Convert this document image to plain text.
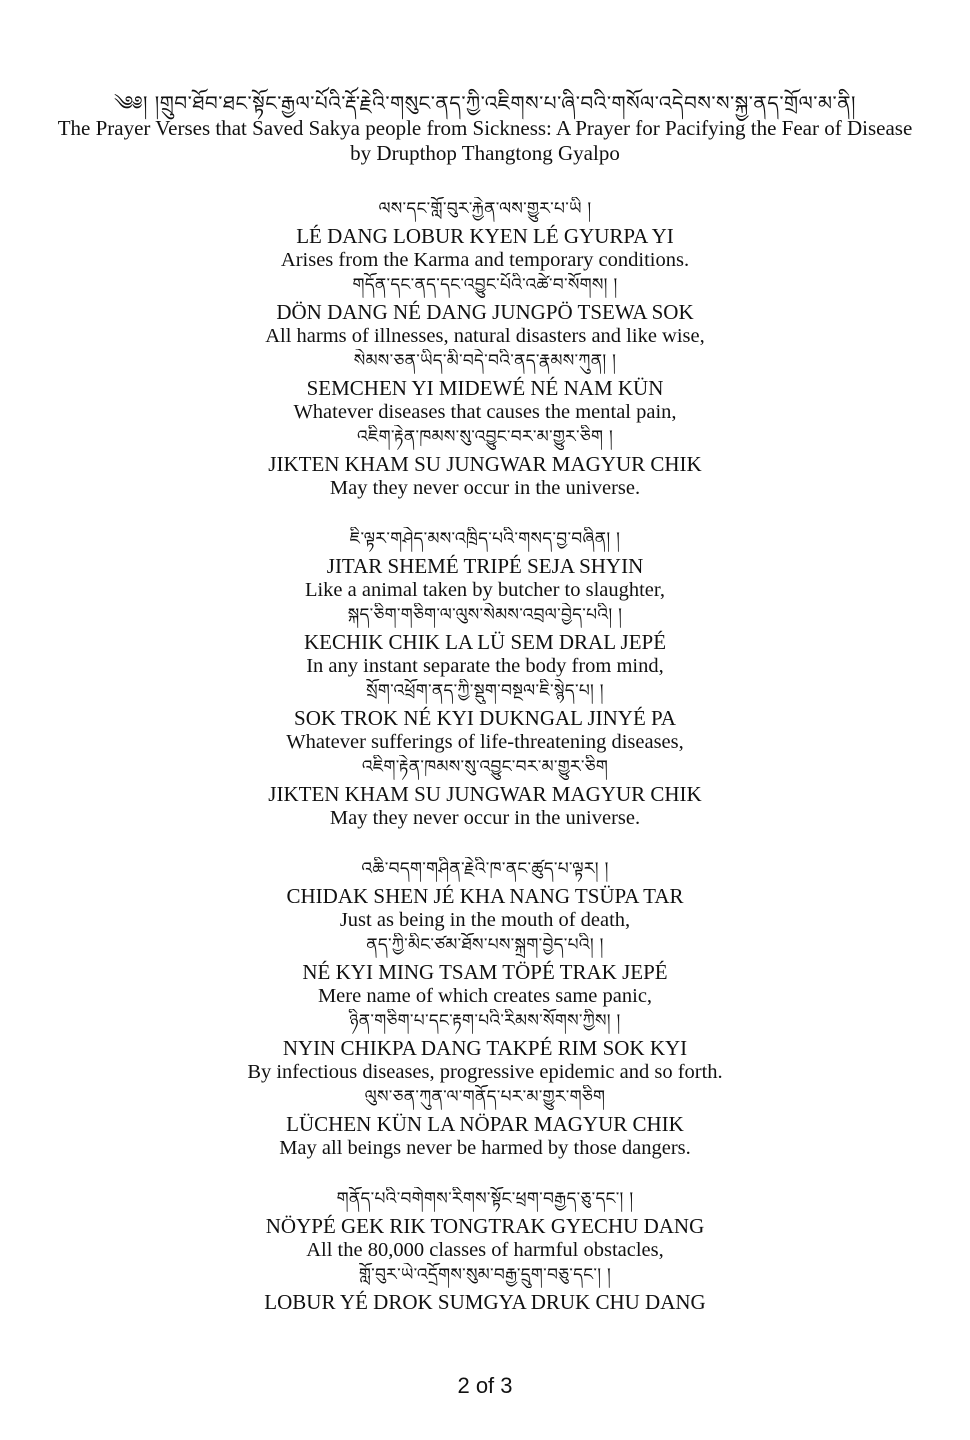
༄༅། །གྲུབ་ཐོབ་ཐང་སྟོང་རྒྱལ་པོའི་རྡོ་རྗེའི་གསུང་ནད་ཀྱི་འཇིགས་པ་ཞི་བའི་གསོལ་འདེབས་ས་སྐྱ་ནད་གྲོལ་མ་ནི།
The Prayer Verses that Saved Sakya people from Sickness: A Prayer for Pacifying the Fear of Disease
by Drupthop Thangtong Gyalpo
ལས་དང་གློ་བུར་རྐྱེན་ལས་གྱུར་པ་ཡི །
LÉ DANG LOBUR KYEN LÉ GYURPA YI
Arises from the Karma and temporary conditions.
གདོན་དང་ནད་དང་འབྱུང་པོའི་འཚེ་བ་སོགས། །
DÖN DANG NÉ DANG JUNGPÖ TSEWA SOK
All harms of illnesses, natural disasters and like wise,
སེམས་ཅན་ཡིད་མི་བདེ་བའི་ནད་རྣམས་ཀུན། །
SEMCHEN YI MIDEWÉ NÉ NAM KÜN
Whatever diseases that causes the mental pain,
འཇིག་རྟེན་ཁམས་སུ་འབྱུང་བར་མ་གྱུར་ཅིག །
JIKTEN KHAM SU JUNGWAR MAGYUR CHIK
May they never occur in the universe.
ཇི་ལྟར་གཤེད་མས་འཁྲིད་པའི་གསད་བྱ་བཞིན། །
JITAR SHEMÉ TRIPÉ SEJA SHYIN
Like a animal taken by butcher to slaughter,
སྐད་ཅིག་གཅིག་ལ་ལུས་སེམས་འབྲལ་བྱེད་པའི། །
KECHIK CHIK LA LÜ SEM DRAL JEPÉ
In any instant separate the body from mind,
སྲོག་འཕྲོག་ནད་ཀྱི་སྡུག་བསྔལ་ཇི་སྙེད་པ། །
SOK TROK NÉ KYI DUKNGAL JINYÉ PA
Whatever sufferings of life-threatening diseases,
འཇིག་རྟེན་ཁམས་སུ་འབྱུང་བར་མ་གྱུར་ཅིག
JIKTEN KHAM SU JUNGWAR MAGYUR CHIK
May they never occur in the universe.
འཆི་བདག་གཤིན་རྗེའི་ཁ་ནང་ཚུད་པ་ལྟར། །
CHIDAK SHEN JÉ KHA NANG TSÜPA TAR
Just as being in the mouth of death,
ནད་ཀྱི་མིང་ཙམ་ཐོས་པས་སྐྲག་བྱེད་པའི། །
NÉ KYI MING TSAM TÖPÉ TRAK JEPÉ
Mere name of which creates same panic,
ཉིན་གཅིག་པ་དང་རྟག་པའི་རིམས་སོགས་ཀྱིས། །
NYIN CHIKPA DANG TAKPÉ RIM SOK KYI
By infectious diseases, progressive epidemic and so forth.
ལུས་ཅན་ཀུན་ལ་གནོད་པར་མ་གྱུར་གཅིག
LÜCHEN KÜN LA NÖPAR MAGYUR CHIK
May all beings never be harmed by those dangers.
གནོད་པའི་བགེགས་རིགས་སྟོང་ཕྲག་བརྒྱད་ཅུ་དང་། །
NÖYPÉ GEK RIK TONGTRAK GYECHU DANG
All the 80,000 classes of harmful obstacles,
གློ་བུར་ཡེ་འདྲོགས་སུམ་བརྒྱ་དྲུག་བཅུ་དང་། །
LOBUR YÉ DROK SUMGYA DRUK CHU DANG
2 of 3
